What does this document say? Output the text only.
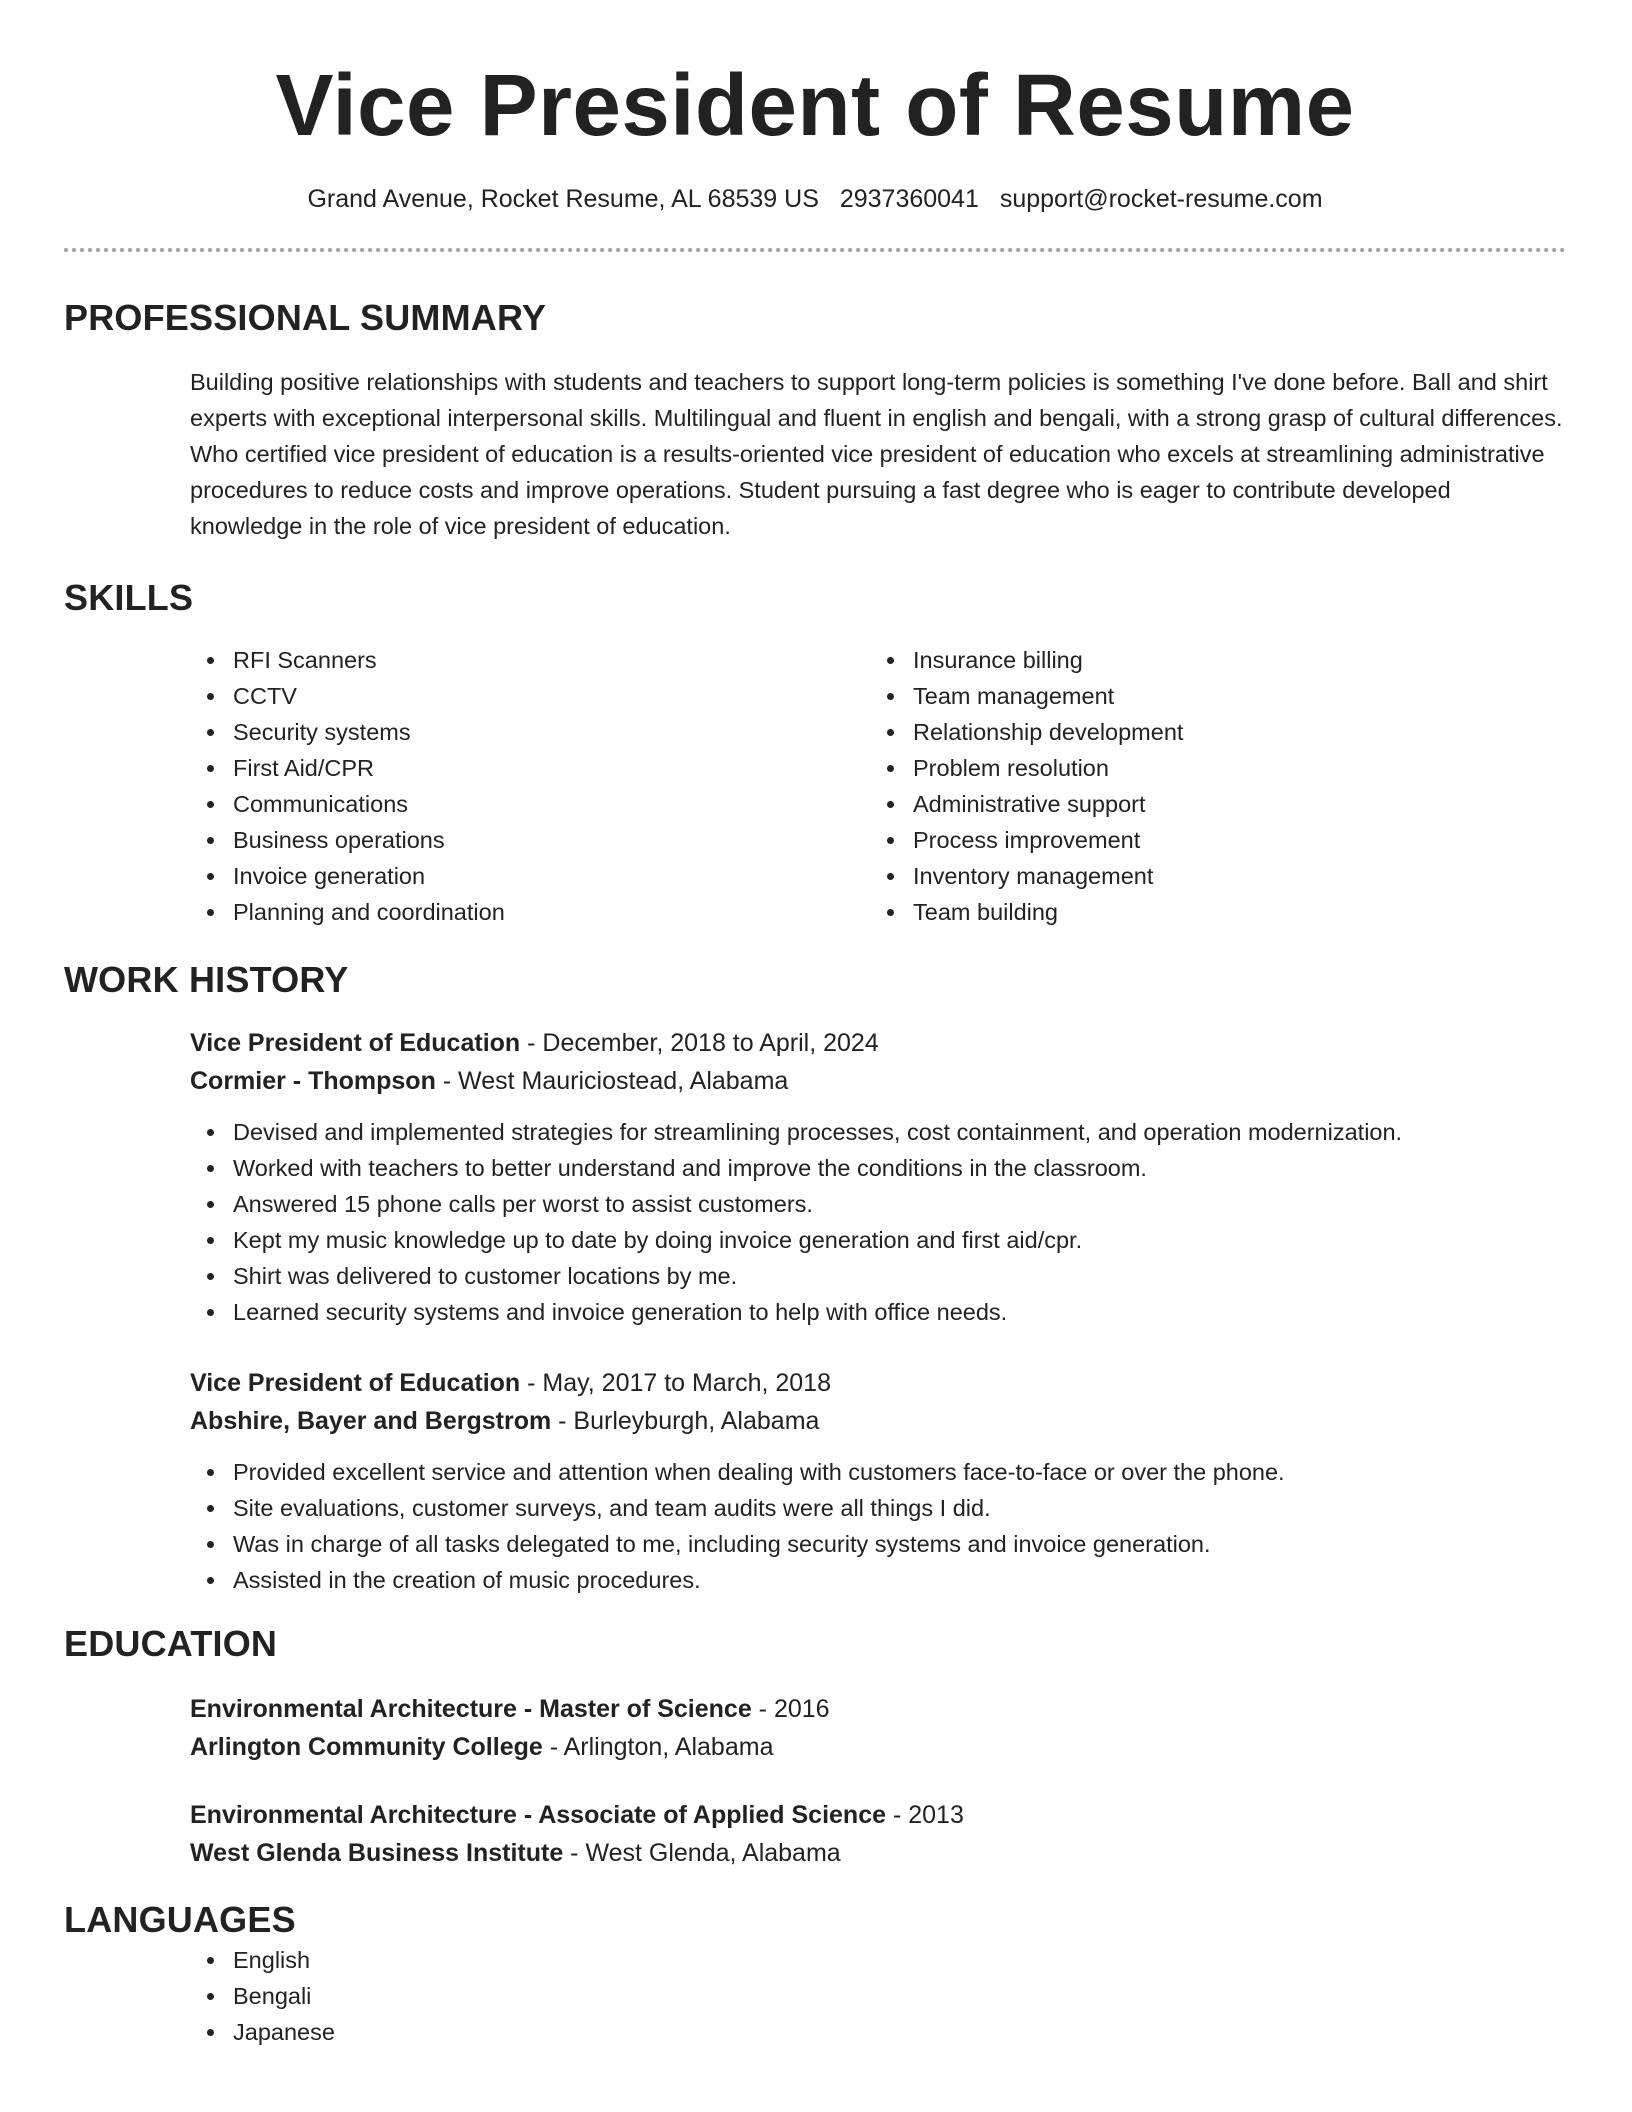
Vice President of Resume
Grand Avenue, Rocket Resume, AL 68539 US 2937360041 support@rocket-resume.com
PROFESSIONAL SUMMARY

Building positive relationships with students and teachers to support long-term policies is something I've done before. Ball and shirt experts with exceptional interpersonal skills. Multilingual and fluent in english and bengali, with a strong grasp of cultural differences. Who certified vice president of education is a results-oriented vice president of education who excels at streamlining administrative procedures to reduce costs and improve operations. Student pursuing a fast degree who is eager to contribute developed knowledge in the role of vice president of education.

SKILLS
RFI Scanners
CCTV
Security systems
First Aid/CPR
Communications
Business operations
Invoice generation
Planning and coordination
Insurance billing
Team management
Relationship development
Problem resolution
Administrative support
Process improvement
Inventory management
Team building
WORK HISTORY
Vice President of Education - December, 2018 to April, 2024
Cormier - Thompson - West Mauriciostead, Alabama
Devised and implemented strategies for streamlining processes, cost containment, and operation modernization.
Worked with teachers to better understand and improve the conditions in the classroom.
Answered 15 phone calls per worst to assist customers.
Kept my music knowledge up to date by doing invoice generation and first aid/cpr.
Shirt was delivered to customer locations by me.
Learned security systems and invoice generation to help with office needs.
Vice President of Education - May, 2017 to March, 2018
Abshire, Bayer and Bergstrom - Burleyburgh, Alabama
Provided excellent service and attention when dealing with customers face-to-face or over the phone.
Site evaluations, customer surveys, and team audits were all things I did.
Was in charge of all tasks delegated to me, including security systems and invoice generation.
Assisted in the creation of music procedures.
EDUCATION
Environmental Architecture - Master of Science - 2016
Arlington Community College - Arlington, Alabama
Environmental Architecture - Associate of Applied Science - 2013
West Glenda Business Institute - West Glenda, Alabama
LANGUAGES
English
Bengali
Japanese
